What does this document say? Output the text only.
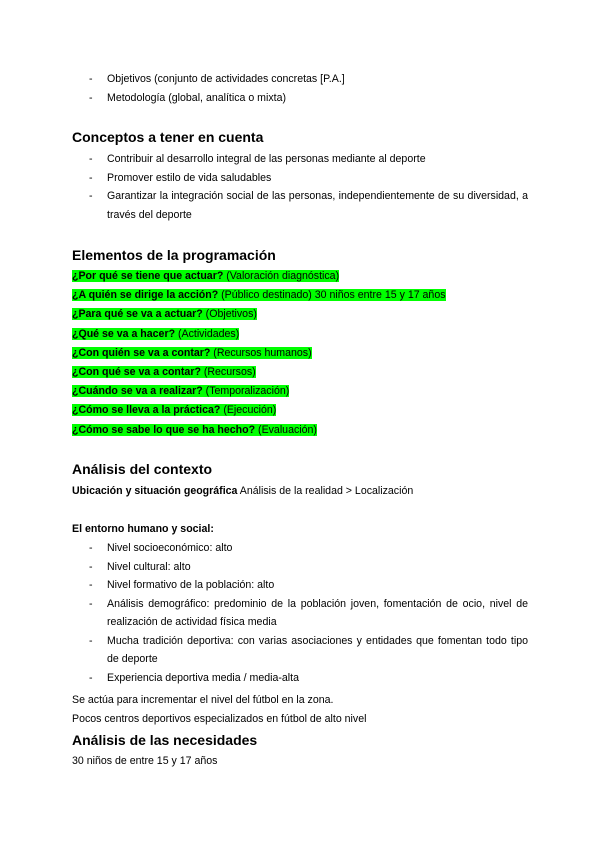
- Objetivos (conjunto de actividades concretas [P.A.]
- Metodología (global, analítica o mixta)
Conceptos a tener en cuenta
- Contribuir al desarrollo integral de las personas mediante al deporte
- Promover estilo de vida saludables
- Garantizar la integración social de las personas, independientemente de su diversidad, a través del deporte
Elementos de la programación
¿Por qué se tiene que actuar? (Valoración diagnóstica)
¿A quién se dirige la acción? (Público destinado) 30 niños entre 15 y 17 años
¿Para qué se va a actuar? (Objetivos)
¿Qué se va a hacer? (Actividades)
¿Con quién se va a contar? (Recursos humanos)
¿Con qué se va a contar? (Recursos)
¿Cuándo se va a realizar? (Temporalización)
¿Cómo se lleva a la práctica? (Ejecución)
¿Cómo se sabe lo que se ha hecho? (Evaluación)
Análisis del contexto
Ubicación y situación geográfica Análisis de la realidad > Localización
El entorno humano y social:
- Nivel socioeconómico: alto
- Nivel cultural: alto
- Nivel formativo de la población: alto
- Análisis demográfico: predominio de la población joven, fomentación de ocio, nivel de realización de actividad física media
- Mucha tradición deportiva: con varias asociaciones y entidades que fomentan todo tipo de deporte
- Experiencia deportiva media / media-alta
Se actúa para incrementar el nivel del fútbol en la zona.
Pocos centros deportivos especializados en fútbol de alto nivel
Análisis de las necesidades
30 niños de entre 15 y 17 años
